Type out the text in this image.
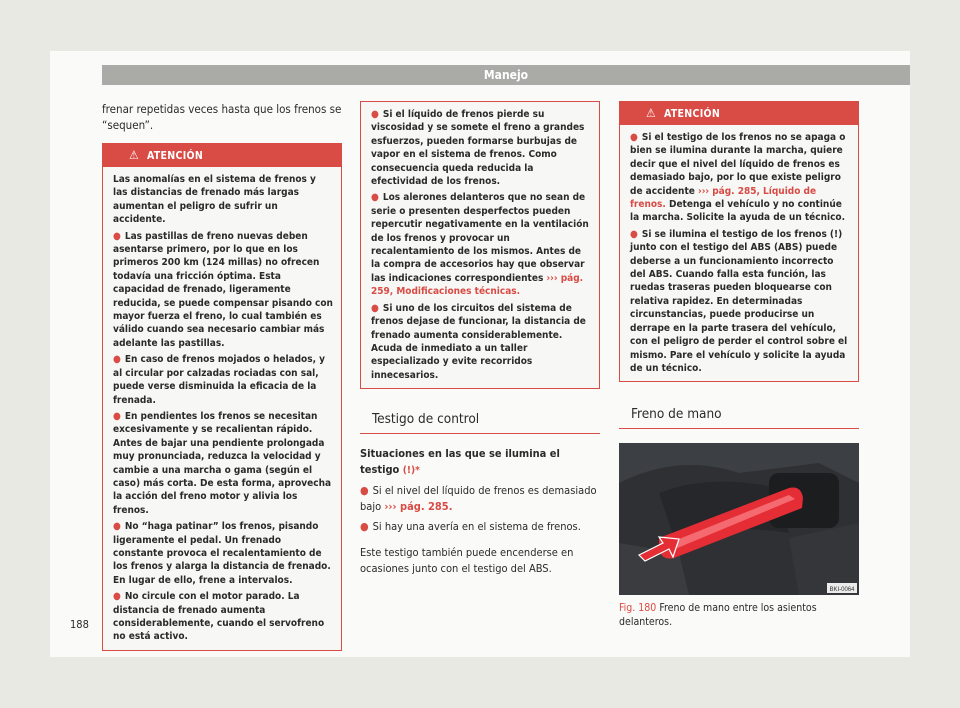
Manejo
frenar repetidas veces hasta que los frenos se “sequen”.
⚠ ATENCIÓN

Las anomalías en el sistema de frenos y las distancias de frenado más largas aumentan el peligro de sufrir un accidente.

● Las pastillas de freno nuevas deben asentarse primero, por lo que en los primeros 200 km (124 millas) no ofrecen todavía una fricción óptima. Esta capacidad de frenado, ligeramente reducida, se puede compensar pisando con mayor fuerza el freno, lo cual también es válido cuando sea necesario cambiar más adelante las pastillas.

● En caso de frenos mojados o helados, y al circular por calzadas rociadas con sal, puede verse disminuida la eficacia de la frenada.

● En pendientes los frenos se necesitan excesivamente y se recalientan rápido. Antes de bajar una pendiente prolongada muy pronunciada, reduzca la velocidad y cambie a una marcha o gama (según el caso) más corta. De esta forma, aprovecha la acción del freno motor y alivia los frenos.

● No “haga patinar” los frenos, pisando ligeramente el pedal. Un frenado constante provoca el recalentamiento de los frenos y alarga la distancia de frenado. En lugar de ello, frene a intervalos.

● No circule con el motor parado. La distancia de frenado aumenta considerablemente, cuando el servofreno no está activo.

● Si el líquido de frenos pierde su viscosidad y se somete el freno a grandes esfuerzos, pueden formarse burbujas de vapor en el sistema de frenos. Como consecuencia queda reducida la efectividad de los frenos.

● Los alerones delanteros que no sean de serie o presenten desperfectos pueden repercutir negativamente en la ventilación de los frenos y provocar un recalentamiento de los mismos. Antes de la compra de accesorios hay que observar las indicaciones correspondientes ››› pág. 259, Modificaciones técnicas.

● Si uno de los circuitos del sistema de frenos dejase de funcionar, la distancia de frenado aumenta considerablemente. Acuda de inmediato a un taller especializado y evite recorridos innecesarios.

Testigo de control
Situaciones en las que se ilumina el testigo (!)*

● Si el nivel del líquido de frenos es demasiado bajo ››› pág. 285.

● Si hay una avería en el sistema de frenos.

Este testigo también puede encenderse en ocasiones junto con el testigo del ABS.

⚠ ATENCIÓN

● Si el testigo de los frenos no se apaga o bien se ilumina durante la marcha, quiere decir que el nivel del líquido de frenos es demasiado bajo, por lo que existe peligro de accidente ››› pág. 285, Líquido de frenos. Detenga el vehículo y no continúe la marcha. Solicite la ayuda de un técnico.

● Si se ilumina el testigo de los frenos (!) junto con el testigo del ABS (ABS) puede deberse a un funcionamiento incorrecto del ABS. Cuando falla esta función, las ruedas traseras pueden bloquearse con relativa rapidez. En determinadas circunstancias, puede producirse un derrape en la parte trasera del vehículo, con el peligro de perder el control sobre el mismo. Pare el vehículo y solicite la ayuda de un técnico.

Freno de mano
BKI-0064
Fig. 180 Freno de mano entre los asientos delanteros.
188
